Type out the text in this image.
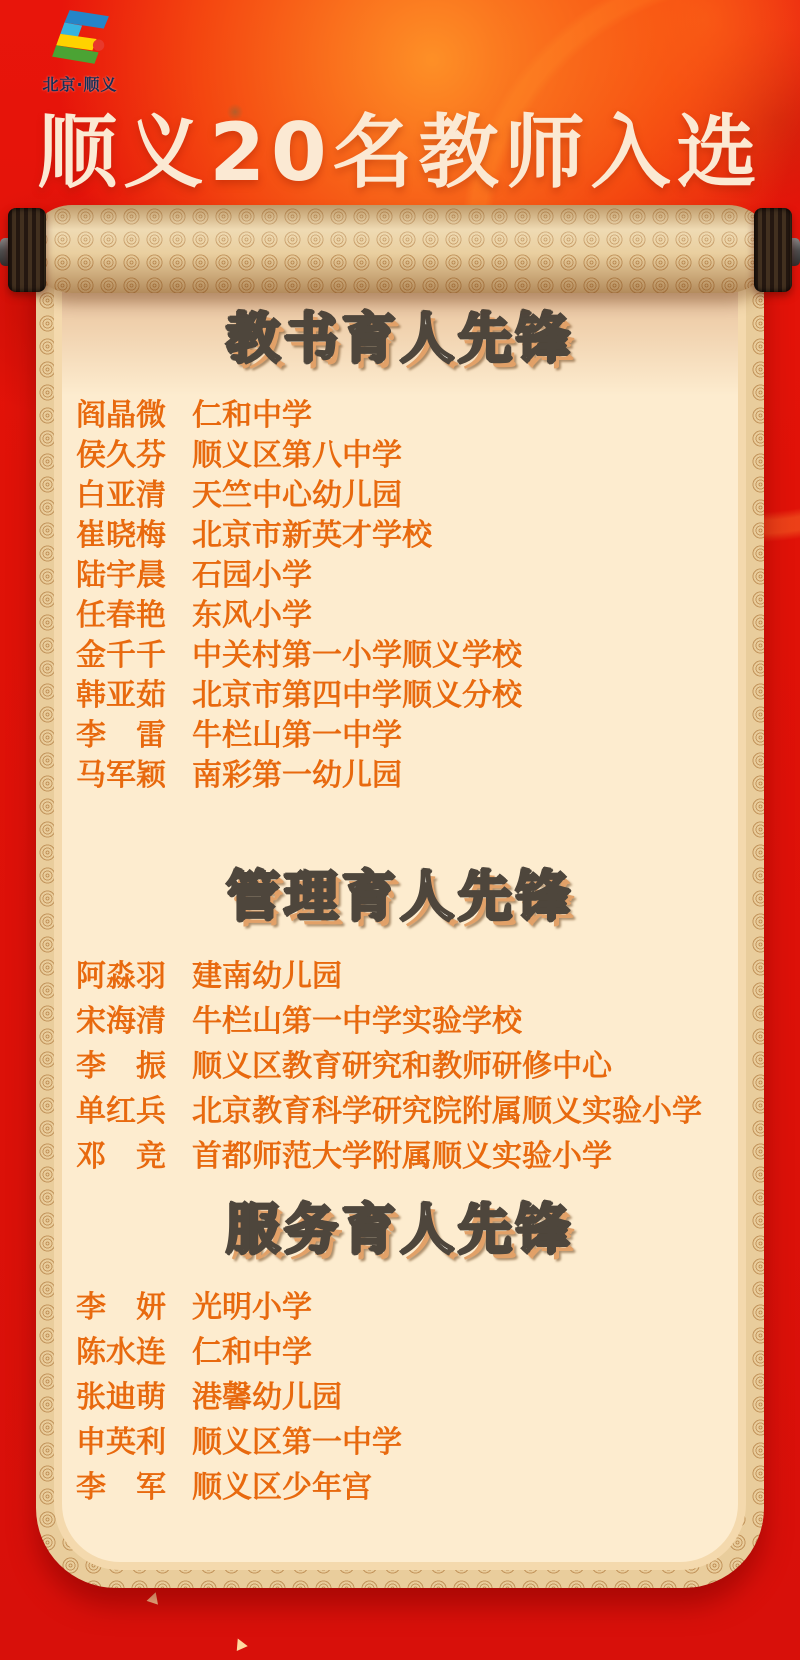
北京·顺义
顺义20名教师入选
教书育人先锋
阎晶微 仁和中学
侯久芬 顺义区第八中学
白亚清 天竺中心幼儿园
崔晓梅 北京市新英才学校
陆宇晨 石园小学
任春艳 东风小学
金千千 中关村第一小学顺义学校
韩亚茹 北京市第四中学顺义分校
李　雷 牛栏山第一中学
马军颖 南彩第一幼儿园
管理育人先锋
阿淼羽 建南幼儿园
宋海清 牛栏山第一中学实验学校
李　振 顺义区教育研究和教师研修中心
单红兵 北京教育科学研究院附属顺义实验小学
邓　竞 首都师范大学附属顺义实验小学
服务育人先锋
李　妍 光明小学
陈水连 仁和中学
张迪萌 港馨幼儿园
申英利 顺义区第一中学
李　军 顺义区少年宫
